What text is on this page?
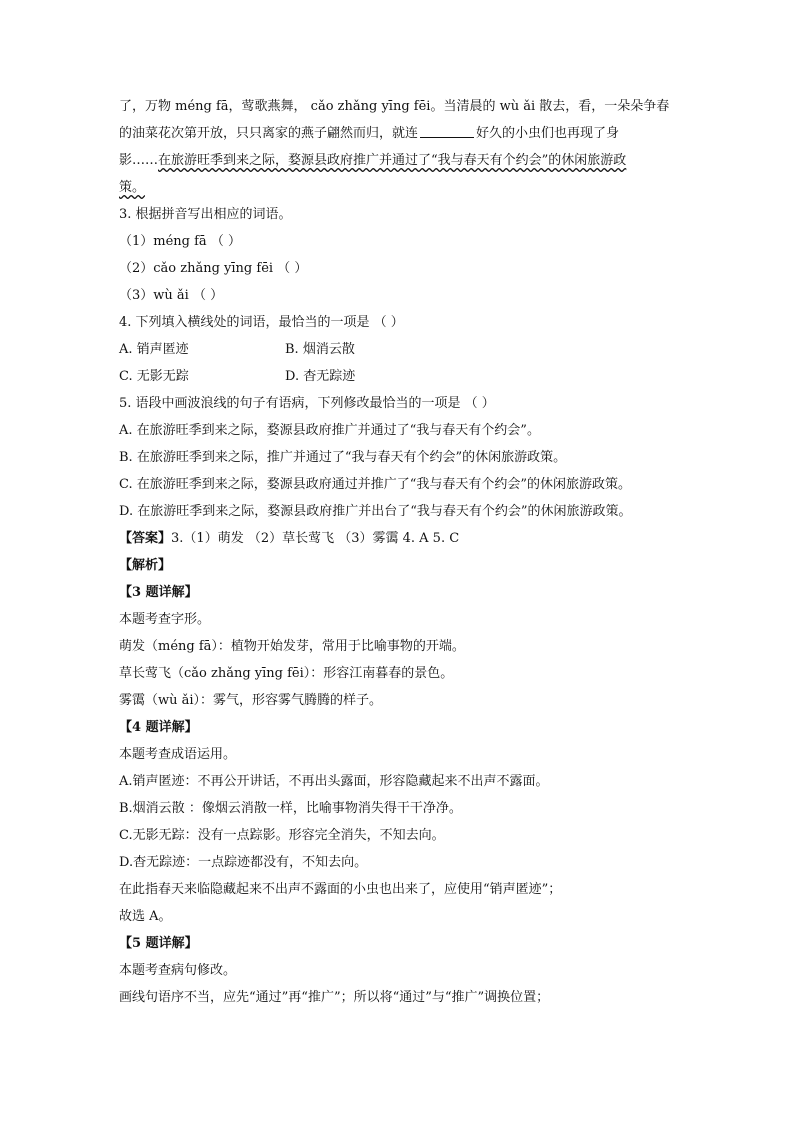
了，万物 méng fā，莺歌燕舞， cǎo zhǎng yīng fēi。当清晨的 wù ǎi 散去，看，一朵朵争春
的油菜花次第开放，只只离家的燕子翩然而归，就连	好久的小虫们也再现了身
影……在旅游旺季到来之际，婺源县政府推广并通过了“我与春天有个约会”的休闲旅游政
策。
3. 根据拼音写出相应的词语。
（1）méng fā （ ）
（2）cǎo zhǎng yīng fēi （ ）
（3）wù ǎi （ ）
4. 下列填入横线处的词语，最恰当的一项是 （ ）
A. 销声匿迹	B. 烟消云散
C. 无影无踪	D. 杳无踪迹
5. 语段中画波浪线的句子有语病，下列修改最恰当的一项是 （ ）
A. 在旅游旺季到来之际，婺源县政府推广并通过了“我与春天有个约会”。
B. 在旅游旺季到来之际，推广并通过了“我与春天有个约会”的休闲旅游政策。
C. 在旅游旺季到来之际，婺源县政府通过并推广了“我与春天有个约会”的休闲旅游政策。
D. 在旅游旺季到来之际，婺源县政府推广并出台了“我与春天有个约会”的休闲旅游政策。
【答案】3.（1）萌发 （2）草长莺飞 （3）雾霭 4. A 5. C
【解析】
【3 题详解】
本题考查字形。
萌发（méng fā）：植物开始发芽，常用于比喻事物的开端。
草长莺飞（cǎo zhǎng yīng fēi）：形容江南暮春的景色。
雾霭（wù ǎi）：雾气，形容雾气腾腾的样子。
【4 题详解】
本题考查成语运用。
A.销声匿迹：不再公开讲话，不再出头露面，形容隐藏起来不出声不露面。
B.烟消云散 ：像烟云消散一样，比喻事物消失得干干净净。
C.无影无踪：没有一点踪影。形容完全消失，不知去向。
D.杳无踪迹：一点踪迹都没有，不知去向。
在此指春天来临隐藏起来不出声不露面的小虫也出来了，应使用“销声匿迹”；
故选 A。
【5 题详解】
本题考查病句修改。
画线句语序不当，应先“通过”再“推广”；所以将“通过”与“推广”调换位置；
